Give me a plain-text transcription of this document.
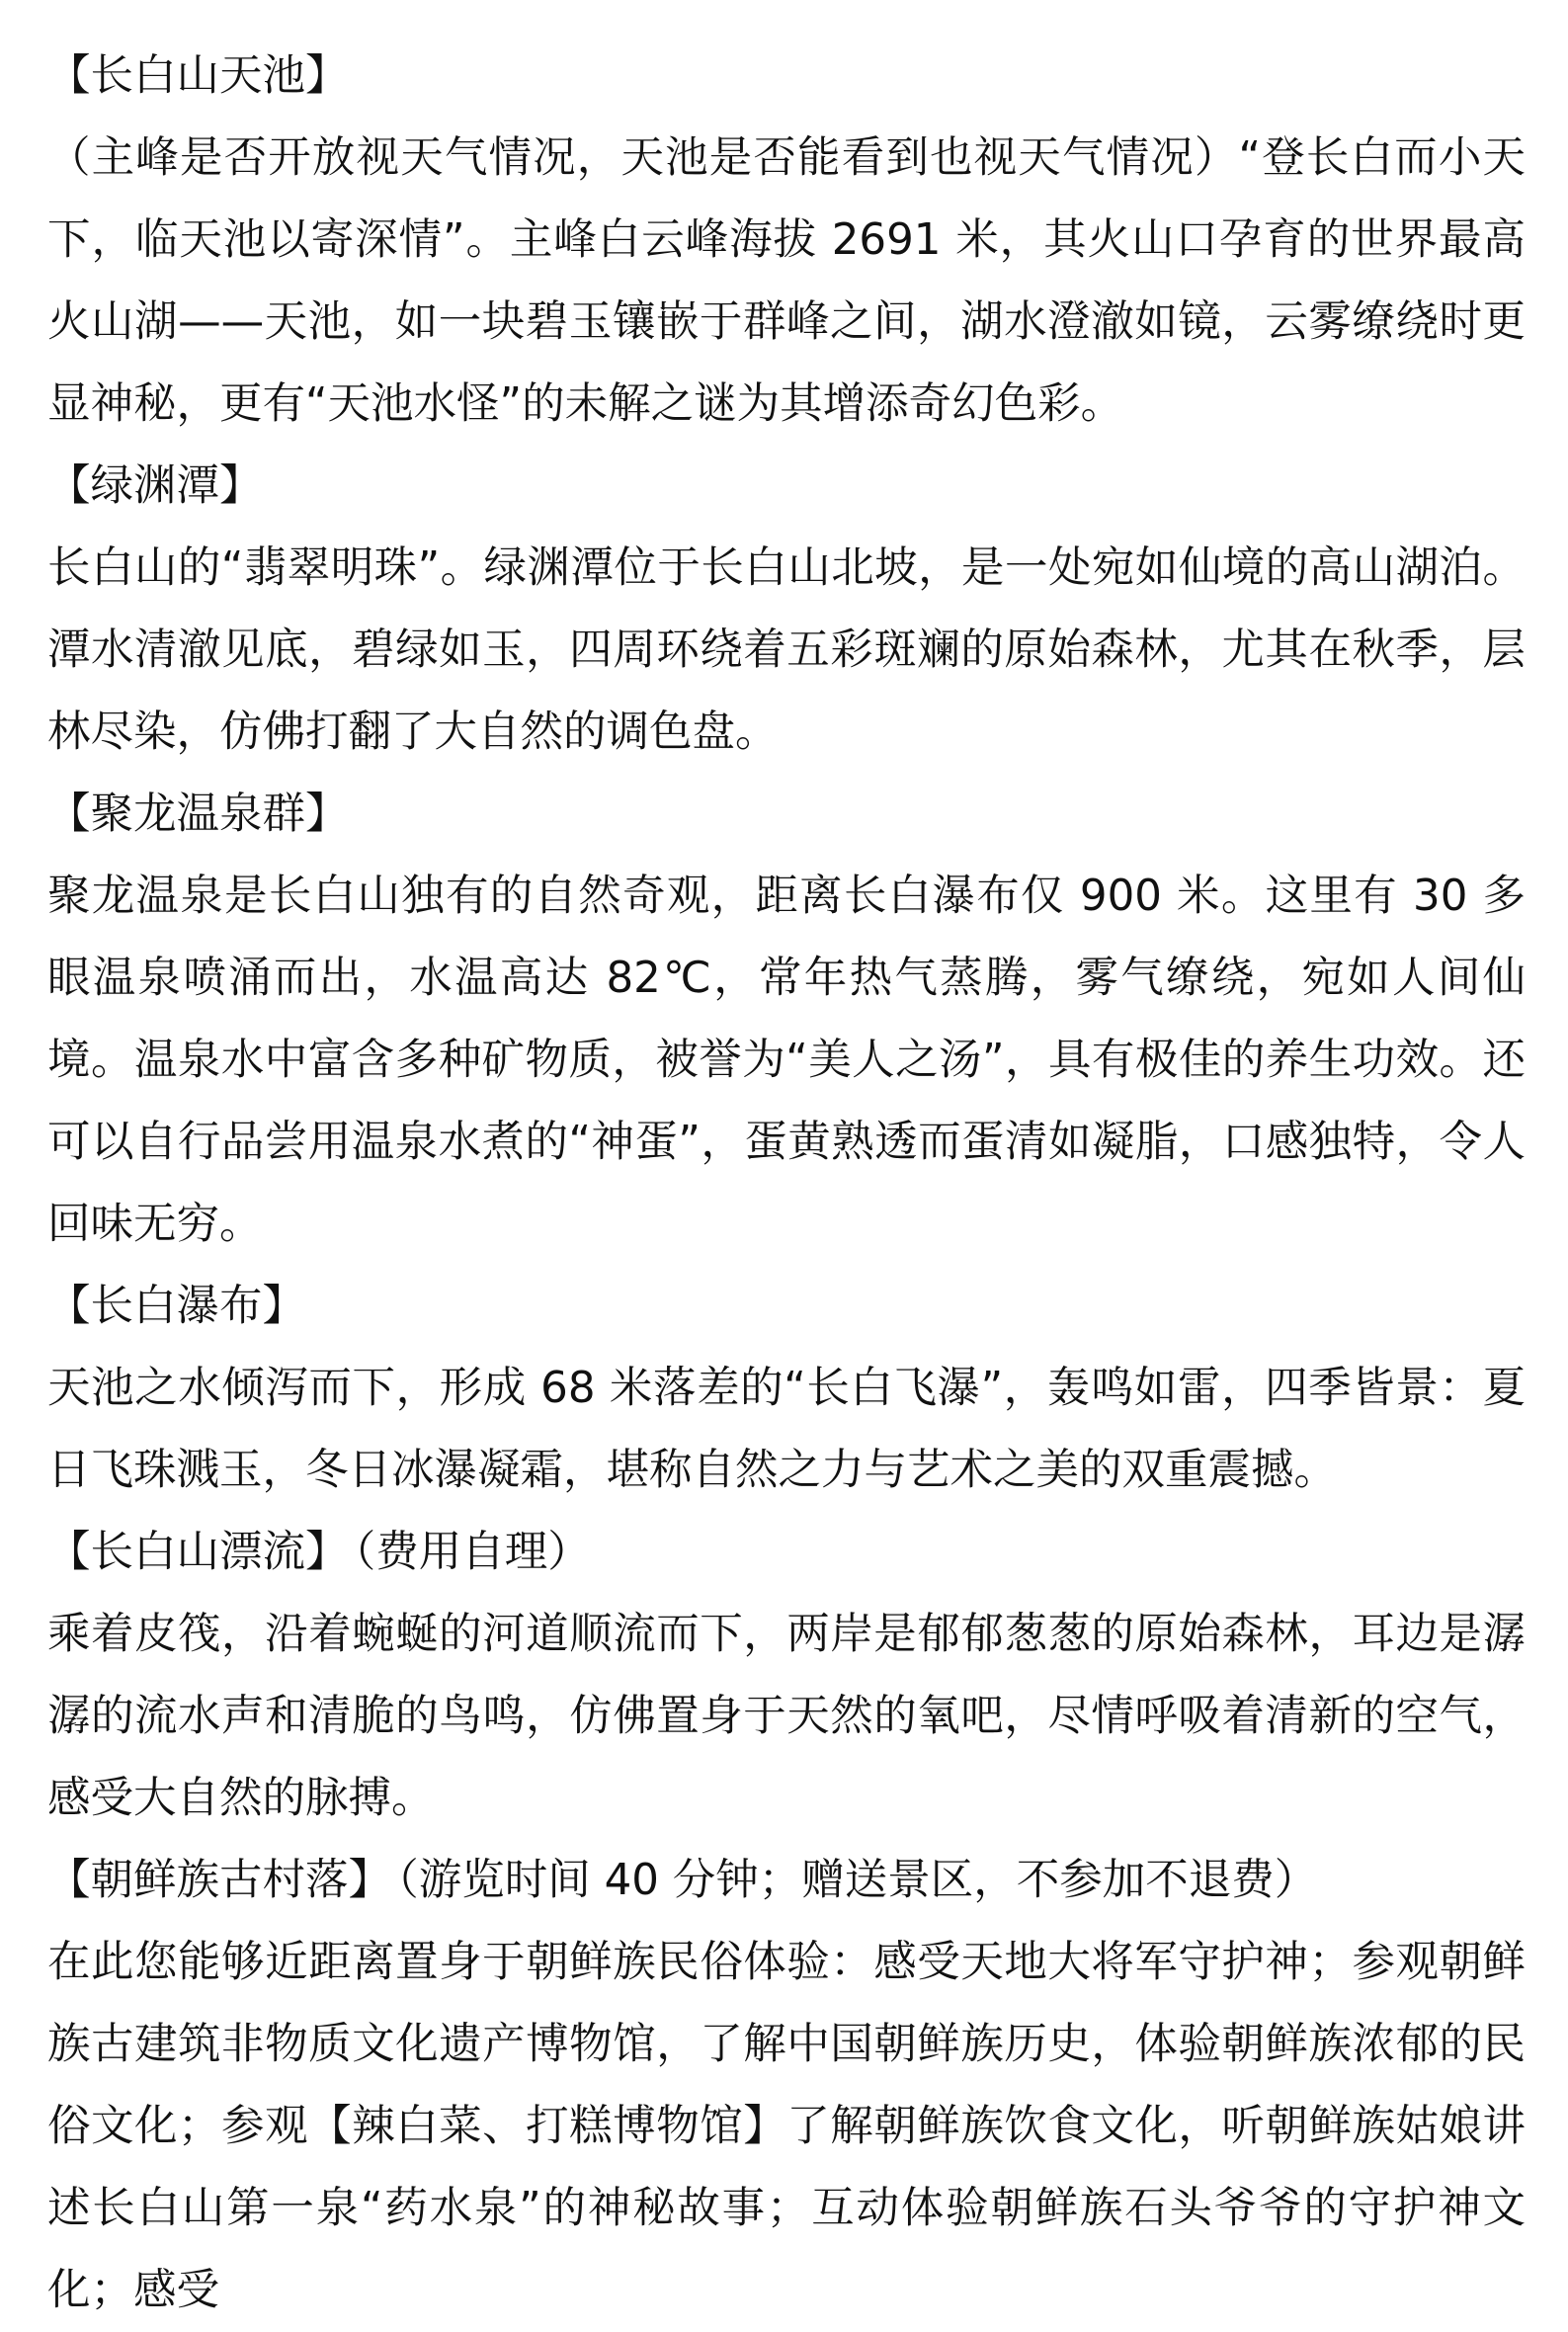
【长白山天池】
（主峰是否开放视天气情况，天池是否能看到也视天气情况）“登长白而小天下，临天池以寄深情”。主峰白云峰海拔 2691 米，其火山口孕育的世界最高火山湖——天池，如一块碧玉镶嵌于群峰之间，湖水澄澈如镜，云雾缭绕时更显神秘，更有“天池水怪”的未解之谜为其增添奇幻色彩。
【绿渊潭】
长白山的“翡翠明珠”。绿渊潭位于长白山北坡，是一处宛如仙境的高山湖泊。潭水清澈见底，碧绿如玉，四周环绕着五彩斑斓的原始森林，尤其在秋季，层林尽染，仿佛打翻了大自然的调色盘。
【聚龙温泉群】
聚龙温泉是长白山独有的自然奇观，距离长白瀑布仅 900 米。这里有 30 多眼温泉喷涌而出，水温高达 82℃，常年热气蒸腾，雾气缭绕，宛如人间仙境。温泉水中富含多种矿物质，被誉为“美人之汤”，具有极佳的养生功效。还可以自行品尝用温泉水煮的“神蛋”，蛋黄熟透而蛋清如凝脂，口感独特，令人回味无穷。
【长白瀑布】
天池之水倾泻而下，形成 68 米落差的“长白飞瀑”，轰鸣如雷，四季皆景：夏日飞珠溅玉，冬日冰瀑凝霜，堪称自然之力与艺术之美的双重震撼。
【长白山漂流】 （费用自理）
乘着皮筏，沿着蜿蜒的河道顺流而下，两岸是郁郁葱葱的原始森林，耳边是潺潺的流水声和清脆的鸟鸣，仿佛置身于天然的氧吧，尽情呼吸着清新的空气，感受大自然的脉搏。
【朝鲜族古村落】 （游览时间 40 分钟；赠送景区，不参加不退费）
在此您能够近距离置身于朝鲜族民俗体验：感受天地大将军守护神；参观朝鲜族古建筑非物质文化遗产博物馆，了解中国朝鲜族历史，体验朝鲜族浓郁的民俗文化；参观【辣白菜、打糕博物馆】了解朝鲜族饮食文化，听朝鲜族姑娘讲述长白山第一泉“药水泉”的神秘故事；互动体验朝鲜族石头爷爷的守护神文化；感受
